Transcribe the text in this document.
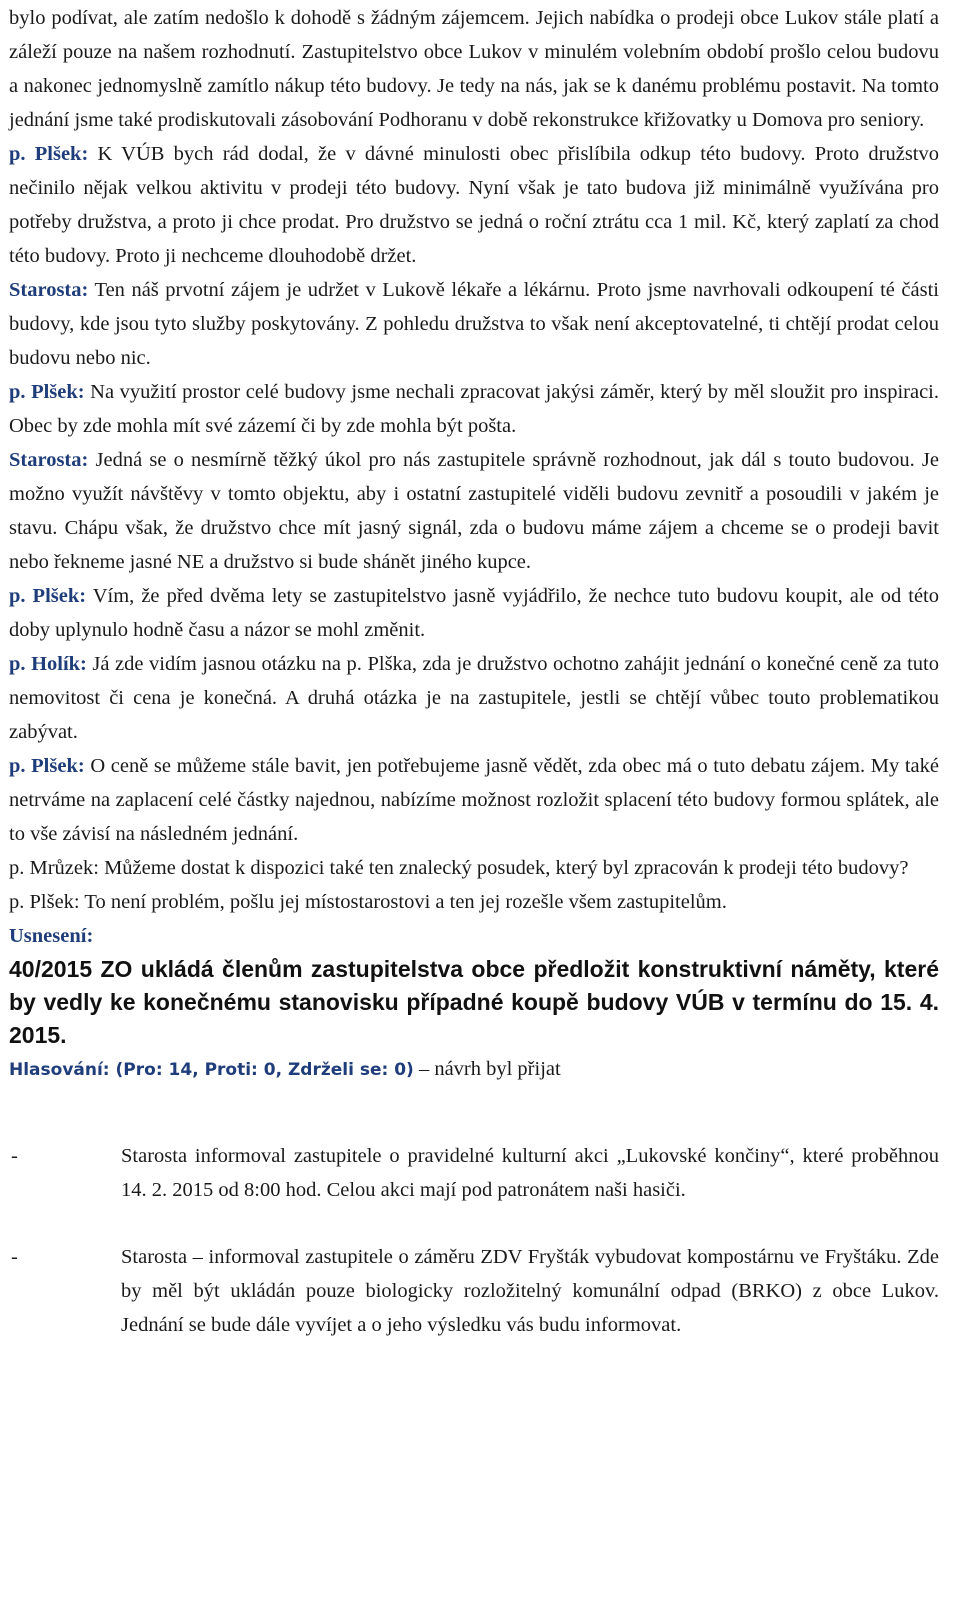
bylo podívat, ale zatím nedošlo k dohodě s žádným zájemcem. Jejich nabídka o prodeji obce Lukov stále platí a záleží pouze na našem rozhodnutí. Zastupitelstvo obce Lukov v minulém volebním období prošlo celou budovu a nakonec jednomyslně zamítlo nákup této budovy. Je tedy na nás, jak se k danému problému postavit. Na tomto jednání jsme také prodiskutovali zásobování Podhoranu v době rekonstrukce křižovatky u Domova pro seniory.

p. Plšek: K VÚB bych rád dodal, že v dávné minulosti obec přislíbila odkup této budovy. Proto družstvo nečinilo nějak velkou aktivitu v prodeji této budovy. Nyní však je tato budova již minimálně využívána pro potřeby družstva, a proto ji chce prodat. Pro družstvo se jedná o roční ztrátu cca 1 mil. Kč, který zaplatí za chod této budovy. Proto ji nechceme dlouhodobě držet.

Starosta: Ten náš prvotní zájem je udržet v Lukově lékaře a lékárnu. Proto jsme navrhovali odkoupení té části budovy, kde jsou tyto služby poskytovány. Z pohledu družstva to však není akceptovatelné, ti chtějí prodat celou budovu nebo nic.

p. Plšek: Na využití prostor celé budovy jsme nechali zpracovat jakýsi záměr, který by měl sloužit pro inspiraci. Obec by zde mohla mít své zázemí či by zde mohla být pošta.

Starosta: Jedná se o nesmírně těžký úkol pro nás zastupitele správně rozhodnout, jak dál s touto budovou. Je možno využít návštěvy v tomto objektu, aby i ostatní zastupitelé viděli budovu zevnitř a posoudili v jakém je stavu. Chápu však, že družstvo chce mít jasný signál, zda o budovu máme zájem a chceme se o prodeji bavit nebo řekneme jasné NE a družstvo si bude shánět jiného kupce.

p. Plšek: Vím, že před dvěma lety se zastupitelstvo jasně vyjádřilo, že nechce tuto budovu koupit, ale od této doby uplynulo hodně času a názor se mohl změnit.

p. Holík: Já zde vidím jasnou otázku na p. Plška, zda je družstvo ochotno zahájit jednání o konečné ceně za tuto nemovitost či cena je konečná. A druhá otázka je na zastupitele, jestli se chtějí vůbec touto problematikou zabývat.

p. Plšek: O ceně se můžeme stále bavit, jen potřebujeme jasně vědět, zda obec má o tuto debatu zájem. My také netrváme na zaplacení celé částky najednou, nabízíme možnost rozložit splacení této budovy formou splátek, ale to vše závisí na následném jednání.

p. Mrůzek: Můžeme dostat k dispozici také ten znalecký posudek, který byl zpracován k prodeji této budovy?

p. Plšek: To není problém, pošlu jej místostarostovi a ten jej rozešle všem zastupitelům.

Usnesení:

40/2015 ZO ukládá členům zastupitelstva obce předložit konstruktivní náměty, které by vedly ke konečnému stanovisku případné koupě budovy VÚB v termínu do 15. 4. 2015.

Hlasování: (Pro: 14, Proti: 0, Zdrželi se: 0) – návrh byl přijat

-	Starosta informoval zastupitele o pravidelné kulturní akci „Lukovské končiny“, které proběhnou 14. 2. 2015 od 8:00 hod. Celou akci mají pod patronátem naši hasiči.
-	Starosta – informoval zastupitele o záměru ZDV Fryšták vybudovat kompostárnu ve Fryštáku. Zde by měl být ukládán pouze biologicky rozložitelný komunální odpad (BRKO) z obce Lukov. Jednání se bude dále vyvíjet a o jeho výsledku vás budu informovat.
